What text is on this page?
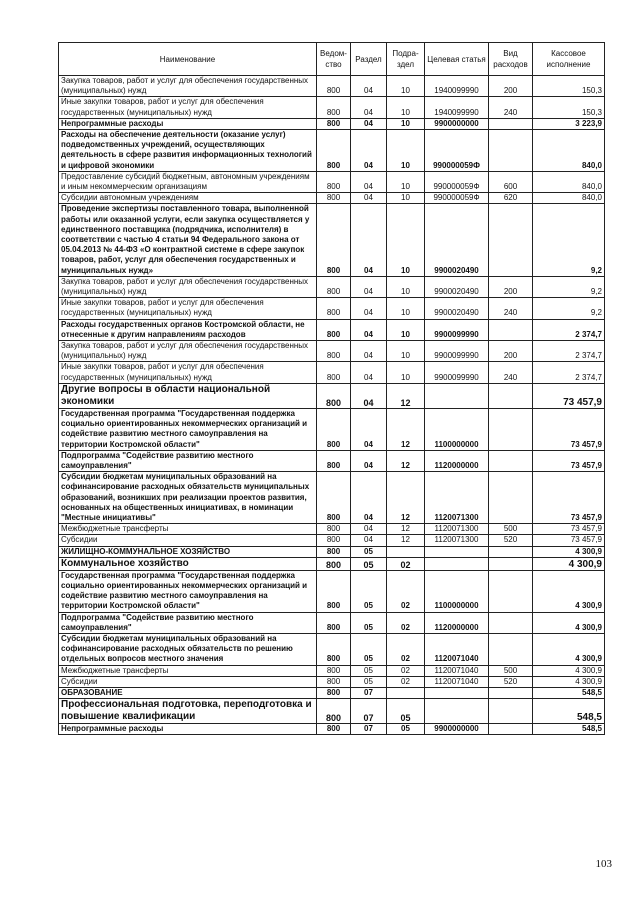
Наименование	Ведом-ство	Раздел	Подра-здел	Целевая статья	Вид расходов	Кассовое исполнение
Закупка товаров, работ и услуг для обеспечения государственных (муниципальных) нужд	800	04	10	1940099990	200	150,3
Иные закупки товаров, работ и услуг для обеспечения государственных (муниципальных) нужд	800	04	10	1940099990	240	150,3
Непрограммные расходы	800	04	10	9900000000		3 223,9
Расходы на обеспечение деятельности (оказание услуг) подведомственных учреждений, осуществляющих деятельность в сфере развития информационных технологий и цифровой экономики	800	04	10	990000059Ф		840,0
Предоставление субсидий бюджетным, автономным учреждениям и иным некоммерческим организациям	800	04	10	990000059Ф	600	840,0
Субсидии автономным учреждениям	800	04	10	990000059Ф	620	840,0
Проведение экспертизы поставленного товара, выполненной работы или оказанной услуги, если закупка осуществляется у единственного поставщика (подрядчика, исполнителя) в соответствии с частью 4 статьи 94 Федерального закона от 05.04.2013 № 44-ФЗ «О контрактной системе в сфере закупок товаров, работ, услуг для обеспечения государственных и муниципальных нужд»	800	04	10	9900020490		9,2
Закупка товаров, работ и услуг для обеспечения государственных (муниципальных) нужд	800	04	10	9900020490	200	9,2
Иные закупки товаров, работ и услуг для обеспечения государственных (муниципальных) нужд	800	04	10	9900020490	240	9,2
Расходы государственных органов Костромской области, не отнесенные к другим направлениям расходов	800	04	10	9900099990		2 374,7
Закупка товаров, работ и услуг для обеспечения государственных (муниципальных) нужд	800	04	10	9900099990	200	2 374,7
Иные закупки товаров, работ и услуг для обеспечения государственных (муниципальных) нужд	800	04	10	9900099990	240	2 374,7
Другие вопросы в области национальной экономики	800	04	12			73 457,9
Государственная программа "Государственная поддержка социально ориентированных некоммерческих организаций и содействие развитию местного самоуправления на территории Костромской области"	800	04	12	1100000000		73 457,9
Подпрограмма "Содействие развитию местного самоуправления"	800	04	12	1120000000		73 457,9
Субсидии бюджетам муниципальных образований на софинансирование расходных обязательств муниципальных образований, возникших при реализации проектов развития, основанных на общественных инициативах, в номинации "Местные инициативы"	800	04	12	1120071300		73 457,9
Межбюджетные трансферты	800	04	12	1120071300	500	73 457,9
Субсидии	800	04	12	1120071300	520	73 457,9
ЖИЛИЩНО-КОММУНАЛЬНОЕ ХОЗЯЙСТВО	800	05				4 300,9
Коммунальное хозяйство	800	05	02			4 300,9
Государственная программа "Государственная поддержка социально ориентированных некоммерческих организаций и содействие развитию местного самоуправления на территории Костромской области"	800	05	02	1100000000		4 300,9
Подпрограмма "Содействие развитию местного самоуправления"	800	05	02	1120000000		4 300,9
Субсидии бюджетам муниципальных образований на софинансирование расходных обязательств по решению отдельных вопросов местного значения	800	05	02	1120071040		4 300,9
Межбюджетные трансферты	800	05	02	1120071040	500	4 300,9
Субсидии	800	05	02	1120071040	520	4 300,9
ОБРАЗОВАНИЕ	800	07				548,5
Профессиональная подготовка, переподготовка и повышение квалификации	800	07	05			548,5
Непрограммные расходы	800	07	05	9900000000		548,5
103
